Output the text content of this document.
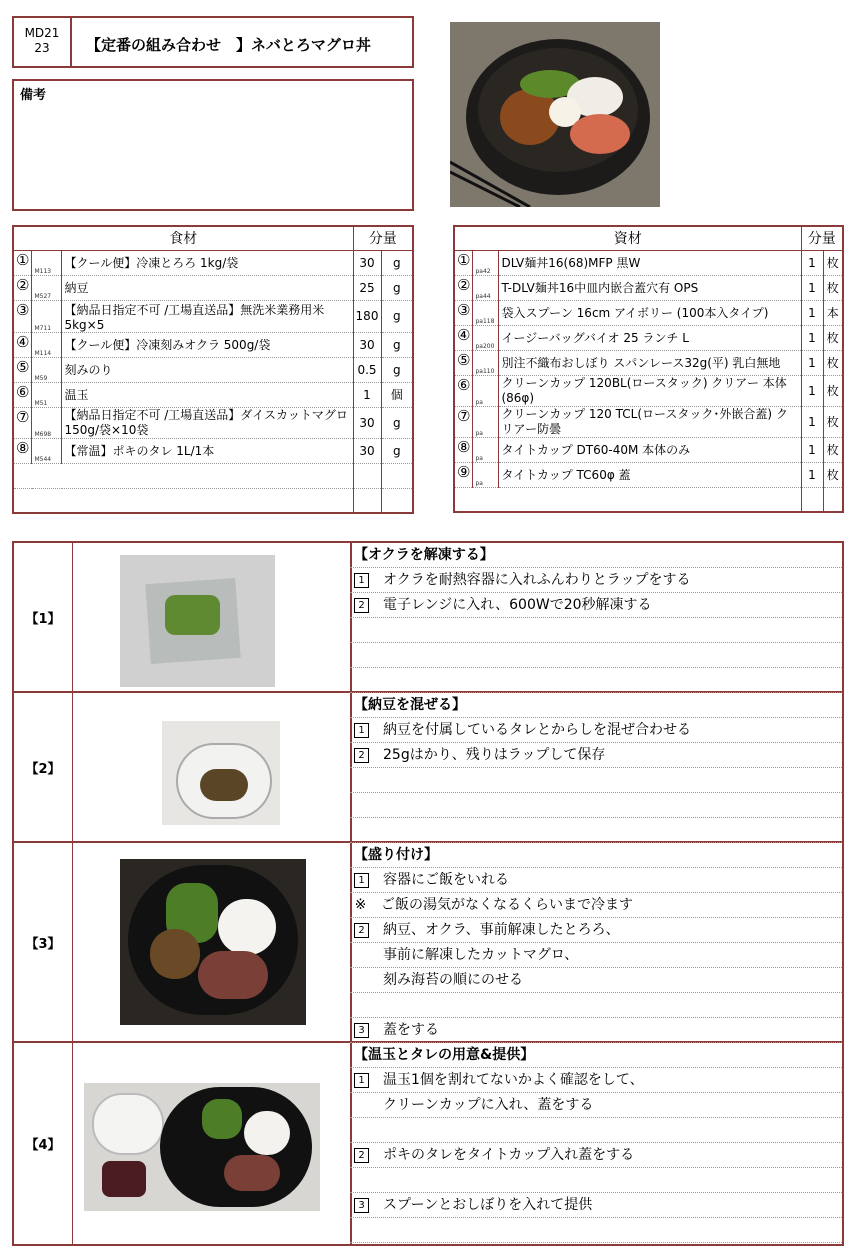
MD2123	【定番の組み合わせ　】ネバとろマグロ丼
備考
食材			分量	
①	M113	【クール便】冷凍とろろ 1kg/袋	30	g
②	M527	納豆	25	g
③	M711	【納品日指定不可 /工場直送品】無洗米業務用米5kg×5	180	g
④	M114	【クール便】冷凍刻みオクラ 500g/袋	30	g
⑤	M59	刻みのり	0.5	g
⑥	M51	温玉	1	個
⑦	M698	【納品日指定不可 /工場直送品】ダイスカットマグロ 150g/袋×10袋	30	g
⑧	M544	【常温】ポキのタレ 1L/1本	30	g

資材			分量	
①	pa42	DLV麺丼16(68)MFP 黒W	1	枚
②	pa44	T-DLV麺丼16中皿内嵌合蓋穴有 OPS	1	枚
③	pa118	袋入スプーン 16cm アイボリー (100本入タイプ)	1	本
④	pa200	イージーバッグバイオ 25 ランチ L	1	枚
⑤	pa110	別注不織布おしぼり スパンレース32g(平) 乳白無地	1	枚
⑥	pa	クリーンカップ 120BL(ロースタック) クリアー 本体(86φ)	1	枚
⑦	pa	クリーンカップ 120 TCL(ロースタック･外嵌合蓋) クリアー防曇	1	枚
⑧	pa	タイトカップ DT60-40M 本体のみ	1	枚
⑨	pa	タイトカップ TC60φ 蓋	1	枚

【1】
【オクラを解凍する】
1 オクラを耐熱容器に入れふんわりとラップをする
2 電子レンジに入れ、600Wで20秒解凍する
【2】
【納豆を混ぜる】
1 納豆を付属しているタレとからしを混ぜ合わせる
2 25gはかり、残りはラップして保存
【3】
【盛り付け】
1 容器にご飯をいれる
※ ご飯の湯気がなくなるくらいまで冷ます
2 納豆、オクラ、事前解凍したとろろ、
事前に解凍したカットマグロ、
刻み海苔の順にのせる
3 蓋をする
【4】
【温玉とタレの用意&提供】
1 温玉1個を割れてないかよく確認をして、
クリーンカップに入れ、蓋をする
2 ポキのタレをタイトカップ入れ蓋をする
3 スプーンとおしぼりを入れて提供
